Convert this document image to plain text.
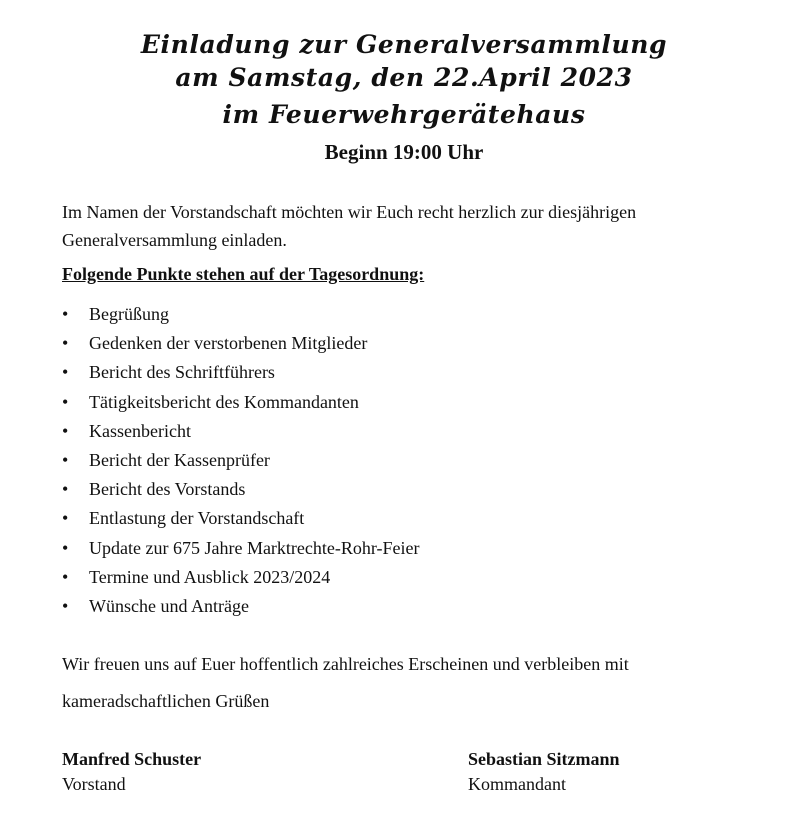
Einladung zur Generalversammlung
am Samstag, den 22.April 2023
im Feuerwehrgerätehaus
Beginn 19:00 Uhr
Im Namen der Vorstandschaft möchten wir Euch recht herzlich zur diesjährigen
Generalversammlung einladen.
Folgende Punkte stehen auf der Tagesordnung:
•	Begrüßung
•	Gedenken der verstorbenen Mitglieder
•	Bericht des Schriftführers
•	Tätigkeitsbericht des Kommandanten
•	Kassenbericht
•	Bericht der Kassenprüfer
•	Bericht des Vorstands
•	Entlastung der Vorstandschaft
•	Update zur 675 Jahre Marktrechte-Rohr-Feier
•	Termine und Ausblick 2023/2024
•	Wünsche und Anträge
Wir freuen uns auf Euer hoffentlich zahlreiches Erscheinen und verbleiben mit
kameradschaftlichen Grüßen
Manfred Schuster
Vorstand
Sebastian Sitzmann
Kommandant
